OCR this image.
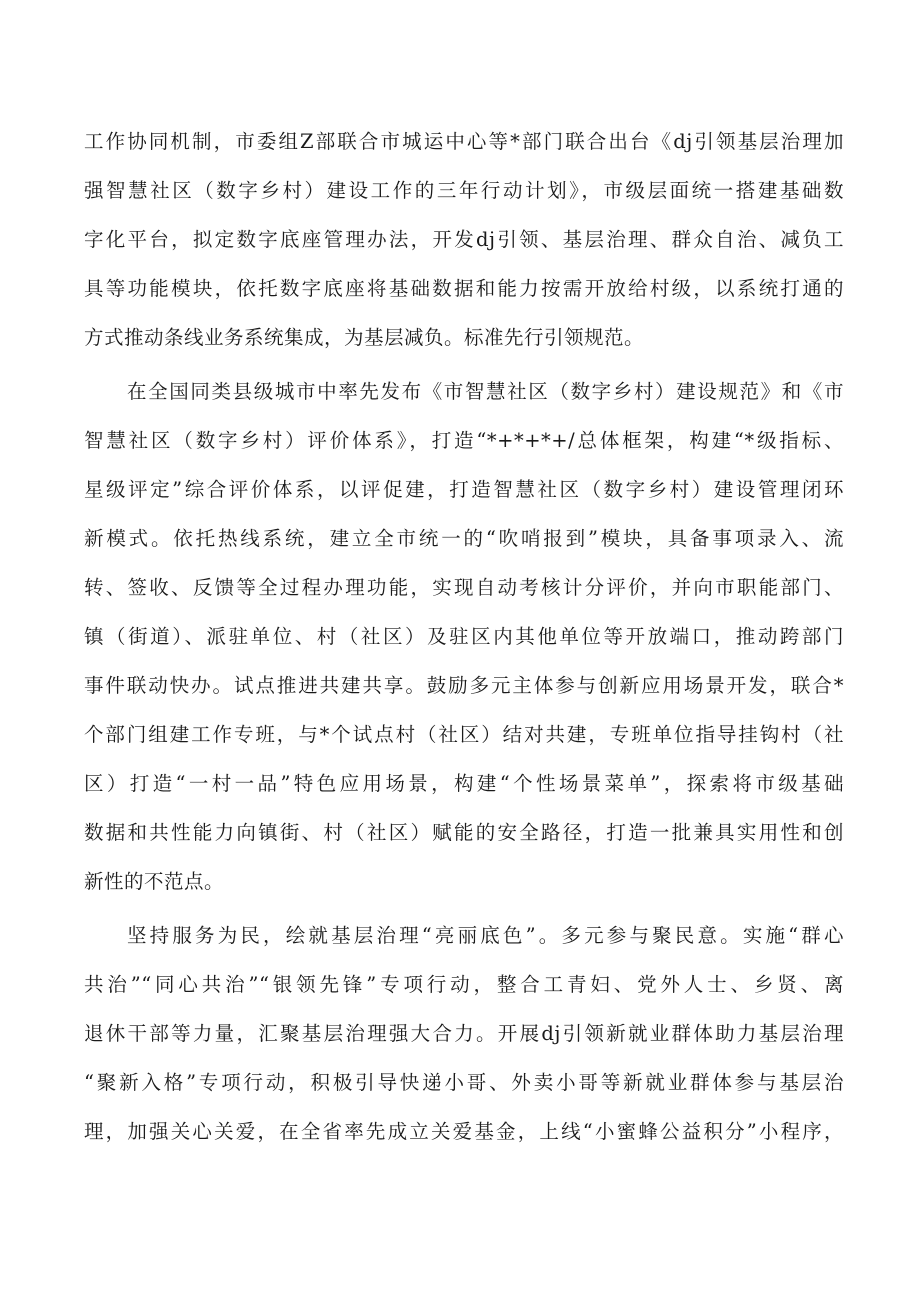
工作协同机制，市委组Z部联合市城运中心等*部门联合出台《dj引领基层治理加
强智慧社区（数字乡村）建设工作的三年行动计划》，市级层面统一搭建基础数
字化平台，拟定数字底座管理办法，开发dj引领、基层治理、群众自治、减负工
具等功能模块，依托数字底座将基础数据和能力按需开放给村级，以系统打通的
方式推动条线业务系统集成，为基层减负。标准先行引领规范。
在全国同类县级城市中率先发布《市智慧社区（数字乡村）建设规范》和《市
智慧社区（数字乡村）评价体系》，打造“*+*+*+/总体框架，构建“*级指标、
星级评定”综合评价体系，以评促建，打造智慧社区（数字乡村）建设管理闭环
新模式。依托热线系统，建立全市统一的“吹哨报到”模块，具备事项录入、流
转、签收、反馈等全过程办理功能，实现自动考核计分评价，并向市职能部门、
镇（街道）、派驻单位、村（社区）及驻区内其他单位等开放端口，推动跨部门
事件联动快办。试点推进共建共享。鼓励多元主体参与创新应用场景开发，联合*
个部门组建工作专班，与*个试点村（社区）结对共建，专班单位指导挂钩村（社
区）打造“一村一品”特色应用场景，构建“个性场景菜单”，探索将市级基础
数据和共性能力向镇街、村（社区）赋能的安全路径，打造一批兼具实用性和创
新性的不范点。
坚持服务为民，绘就基层治理“亮丽底色”。多元参与聚民意。实施“群心
共治”“同心共治”“银领先锋”专项行动，整合工青妇、党外人士、乡贤、离
退休干部等力量，汇聚基层治理强大合力。开展dj引领新就业群体助力基层治理
“聚新入格”专项行动，积极引导快递小哥、外卖小哥等新就业群体参与基层治
理，加强关心关爱，在全省率先成立关爱基金，上线“小蜜蜂公益积分”小程序，
